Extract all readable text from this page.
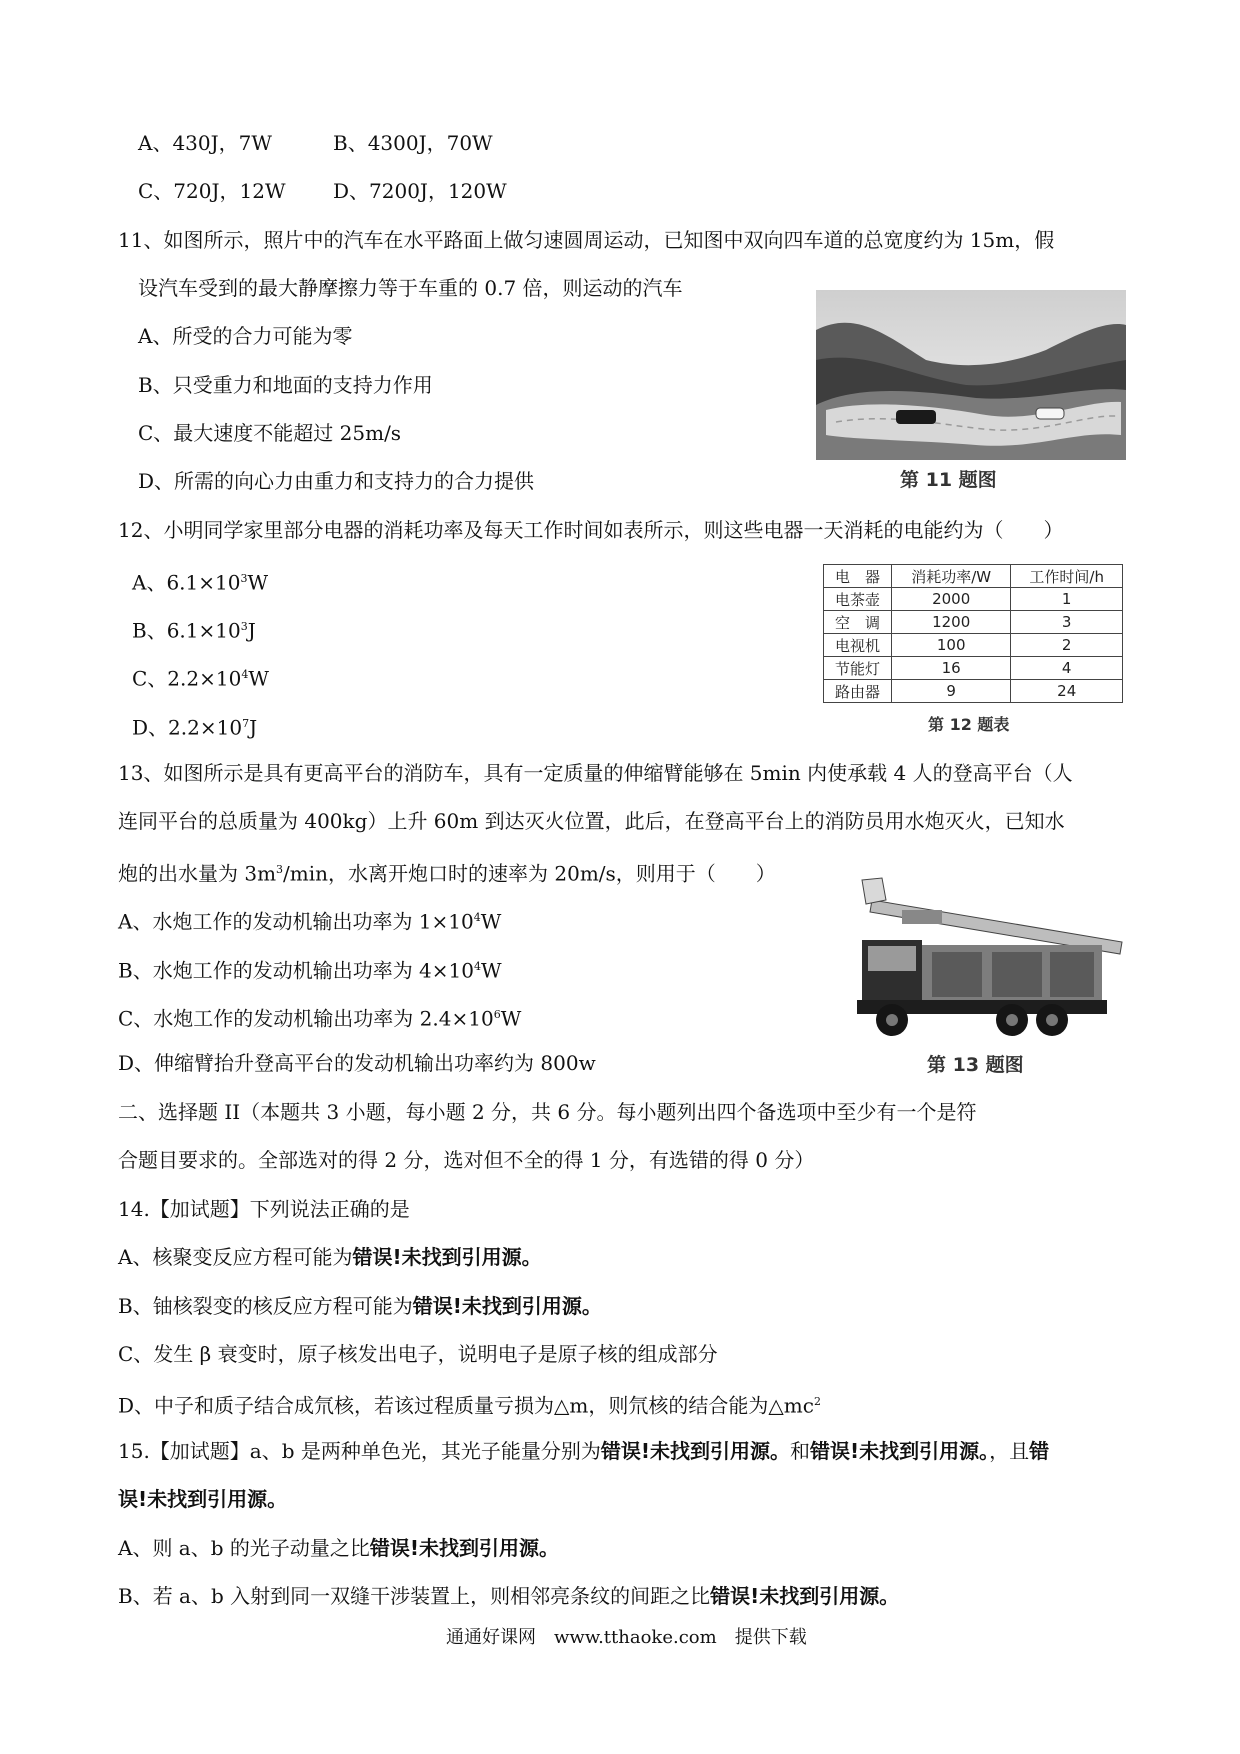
A、430J，7W	B、4300J，70W
C、720J，12W D、7200J，120W
11、如图所示，照片中的汽车在水平路面上做匀速圆周运动，已知图中双向四车道的总宽度约为 15m，假
设汽车受到的最大静摩擦力等于车重的 0.7 倍，则运动的汽车
A、所受的合力可能为零
B、只受重力和地面的支持力作用
C、最大速度不能超过 25m/s
D、所需的向心力由重力和支持力的合力提供	第 11 题图
12、小明同学家里部分电器的消耗功率及每天工作时间如表所示，则这些电器一天消耗的电能约为（　　）
A、$6.1\times 10^3W$
B、$6.1\times 10^3J$
C、$2.2\times 10^4W$
D、$2.2\times 10^7J$
电　器	消耗功率/W	工作时间/h
电茶壶	2000	1
空　调	1200	3
电视机	100	2
节能灯	16	4
路由器	9	24
第 12 题表
13、如图所示是具有更高平台的消防车，具有一定质量的伸缩臂能够在 5min 内使承载 4 人的登高平台（人
连同平台的总质量为 400kg）上升 60m 到达灭火位置，此后，在登高平台上的消防员用水炮灭火，已知水
炮的出水量为 $3m^3/\min$，水离开炮口时的速率为 20m/s，则用于（　　）
A、水炮工作的发动机输出功率为 $1\times 10^4W$
B、水炮工作的发动机输出功率为 $4\times 10^4W$
C、水炮工作的发动机输出功率为 $2.4\times 10^6W$
D、伸缩臂抬升登高平台的发动机输出功率约为 800w	第 13 题图
二、选择题 II（本题共 3 小题，每小题 2 分，共 6 分。每小题列出四个备选项中至少有一个是符
合题目要求的。全部选对的得 2 分，选对但不全的得 1 分，有选错的得 0 分）
14.【加试题】下列说法正确的是
A、核聚变反应方程可能为错误!未找到引用源。
B、铀核裂变的核反应方程可能为错误!未找到引用源。
C、发生 β 衰变时，原子核发出电子，说明电子是原子核的组成部分
D、中子和质子结合成氘核，若该过程质量亏损为△m，则氘核的结合能为$\triangle mc^2$
15.【加试题】a、b 是两种单色光，其光子能量分别为错误!未找到引用源。和错误!未找到引用源。，且错
误!未找到引用源。
A、则 a、b 的光子动量之比错误!未找到引用源。
B、若 a、b 入射到同一双缝干涉装置上，则相邻亮条纹的间距之比错误!未找到引用源。
通通好课网　www.tthaoke.com　提供下载
